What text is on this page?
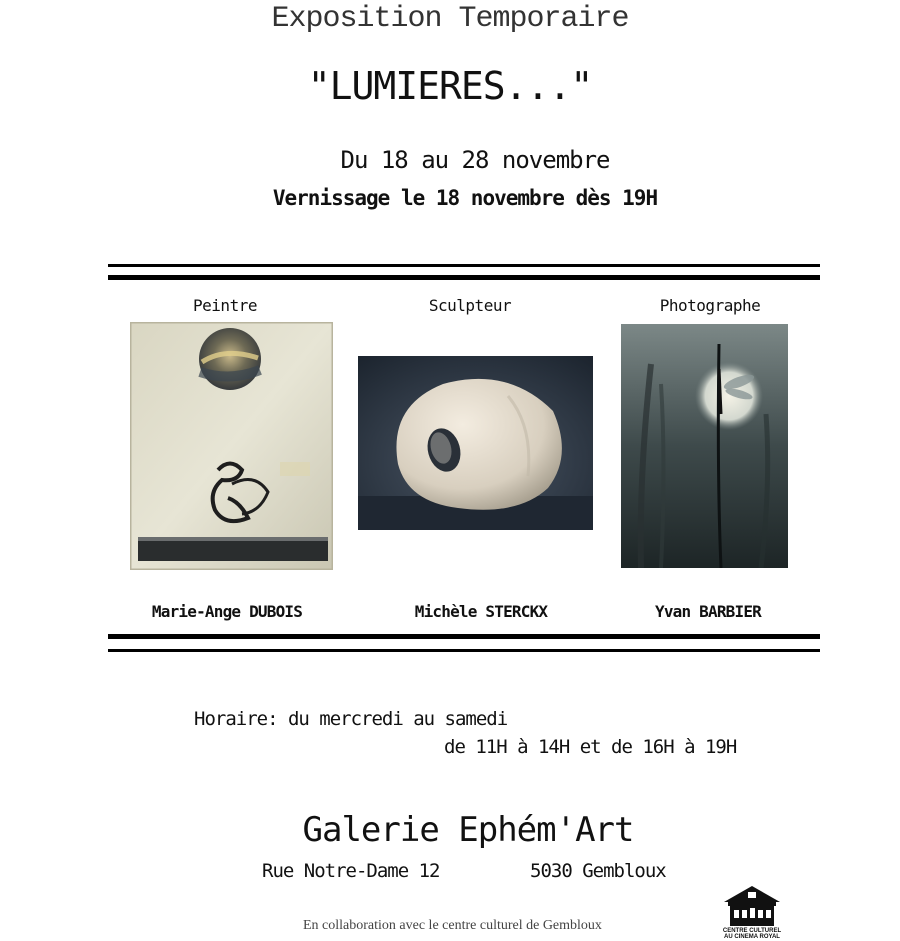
Exposition Temporaire
"LUMIERES..."
Du 18 au 28 novembre
Vernissage le 18 novembre dès 19H
Peintre	Sculpteur	Photographe
Marie-Ange DUBOIS	Michèle STERCKX	Yvan BARBIER
Horaire: du mercredi au samedi
de 11H à 14H et de 16H à 19H
Galerie Ephém'Art
Rue Notre-Dame 12	5030 Gembloux
En collaboration avec le centre culturel de Gembloux	CENTRE CULTUREL
AU CINEMA ROYAL
